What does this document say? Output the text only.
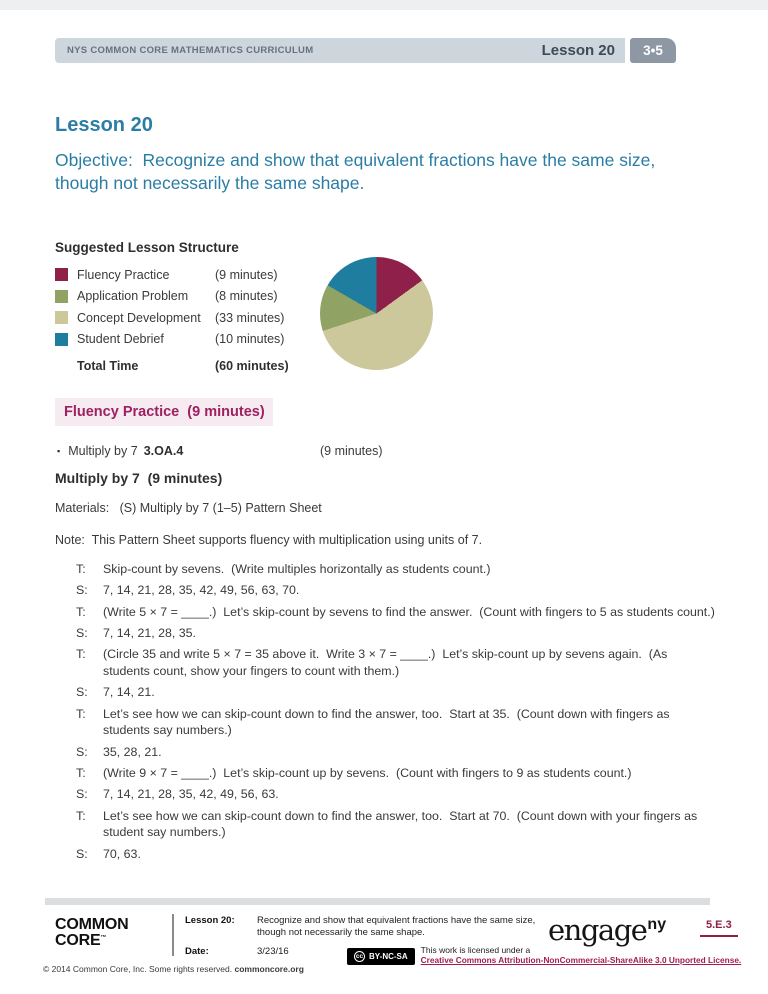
NYS COMMON CORE MATHEMATICS CURRICULUM	Lesson 20	3•5
Lesson 20
Objective:  Recognize and show that equivalent fractions have the same size, though not necessarily the same shape.
Suggested Lesson Structure
Fluency Practice	(9 minutes)
Application Problem	(8 minutes)
Concept Development	(33 minutes)
Student Debrief	(10 minutes)
Total Time	(60 minutes)
Fluency Practice  (9 minutes)
▪ Multiply by 7 3.OA.4	(9 minutes)
Multiply by 7  (9 minutes)
Materials:   (S) Multiply by 7 (1–5) Pattern Sheet
Note:  This Pattern Sheet supports fluency with multiplication using units of 7.
T:	Skip-count by sevens.  (Write multiples horizontally as students count.)
S:	7, 14, 21, 28, 35, 42, 49, 56, 63, 70.
T:	(Write 5 × 7 = ____.)  Let’s skip-count by sevens to find the answer.  (Count with fingers to 5 as students count.)
S:	7, 14, 21, 28, 35.
T:	(Circle 35 and write 5 × 7 = 35 above it.  Write 3 × 7 = ____.)  Let’s skip-count up by sevens again.  (As students count, show your fingers to count with them.)
S:	7, 14, 21.
T:	Let’s see how we can skip-count down to find the answer, too.  Start at 35.  (Count down with fingers as students say numbers.)
S:	35, 28, 21.
T:	(Write 9 × 7 = ____.)  Let’s skip-count up by sevens.  (Count with fingers to 9 as students count.)
S:	7, 14, 21, 28, 35, 42, 49, 56, 63.
T:	Let’s see how we can skip-count down to find the answer, too.  Start at 70.  (Count down with your fingers as student say numbers.)
S:	70, 63.
COMMON
CORE™
Lesson 20:	Recognize and show that equivalent fractions have the same size, though not necessarily the same shape.
Date:	3/23/16
engage$^{ny}$	5.E.3
© 2014 Common Core, Inc. Some rights reserved. commoncore.org
cc BY-NC-SA
This work is licensed under a
Creative Commons Attribution-NonCommercial-ShareAlike 3.0 Unported License.
